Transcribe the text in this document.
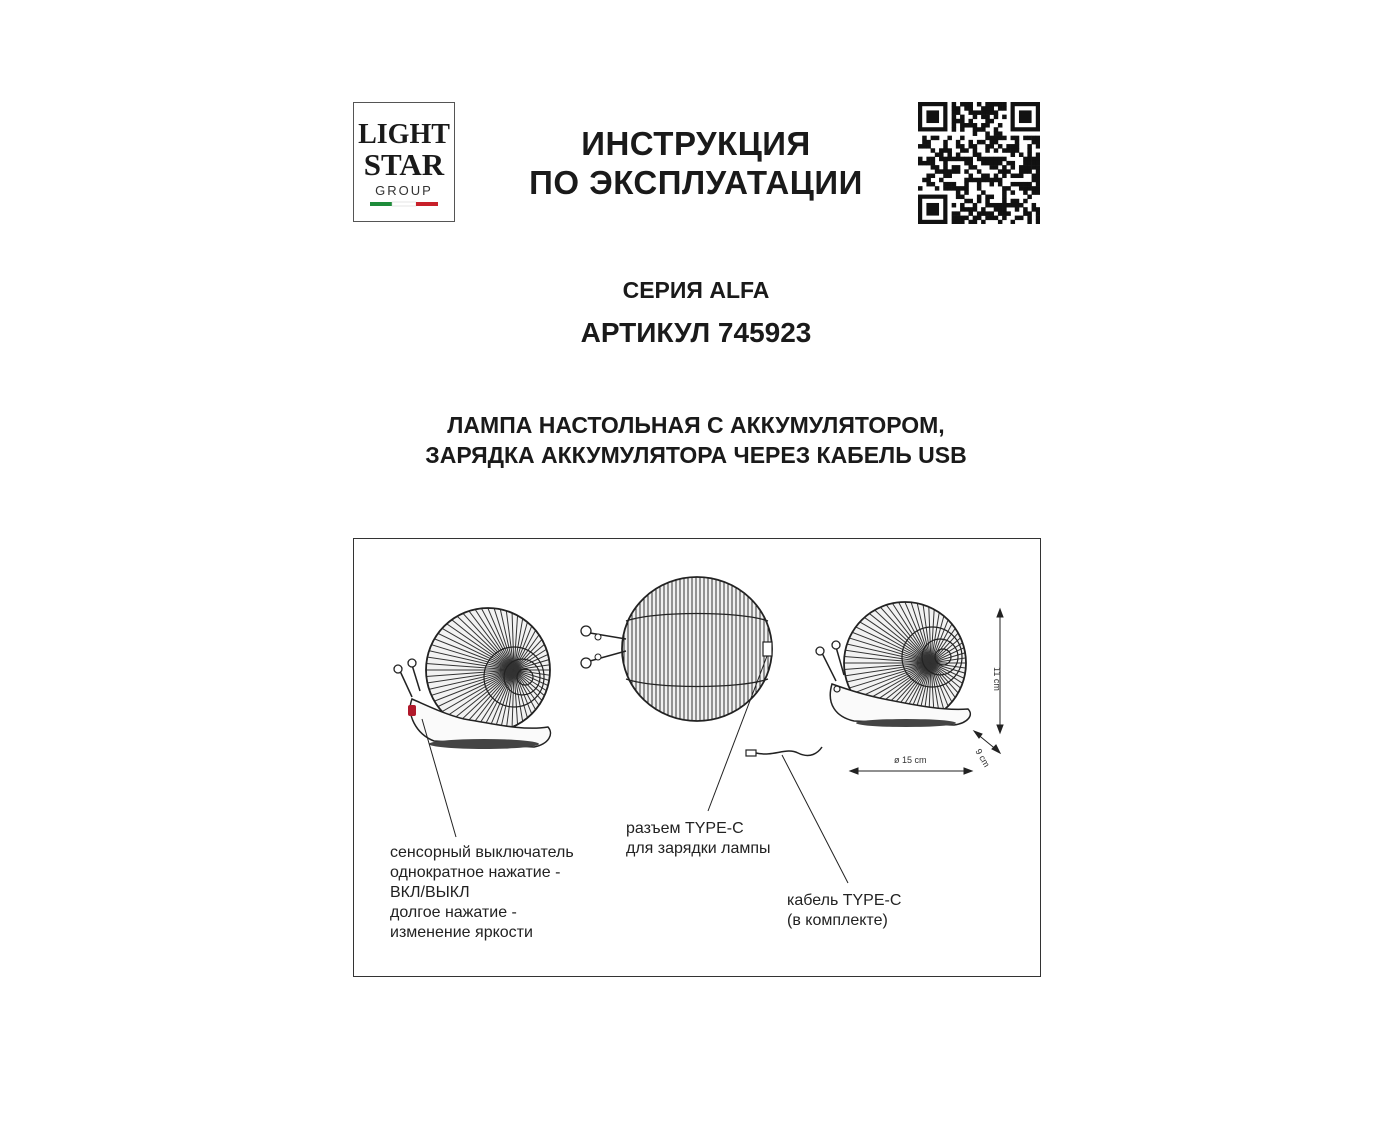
LIGHT
STAR
GROUP
ИНСТРУКЦИЯ
ПО ЭКСПЛУАТАЦИИ
СЕРИЯ ALFA
АРТИКУЛ 745923
ЛАМПА НАСТОЛЬНАЯ С АККУМУЛЯТОРОМ,
ЗАРЯДКА АККУМУЛЯТОРА ЧЕРЕЗ КАБЕЛЬ USB
11 cm
ø 15 cm	9 cm
сенсорный выключатель
однократное нажатие -
ВКЛ/ВЫКЛ
долгое нажатие -
изменение яркости
разъем TYPE-C
для зарядки лампы
кабель TYPE-C
(в комплекте)
